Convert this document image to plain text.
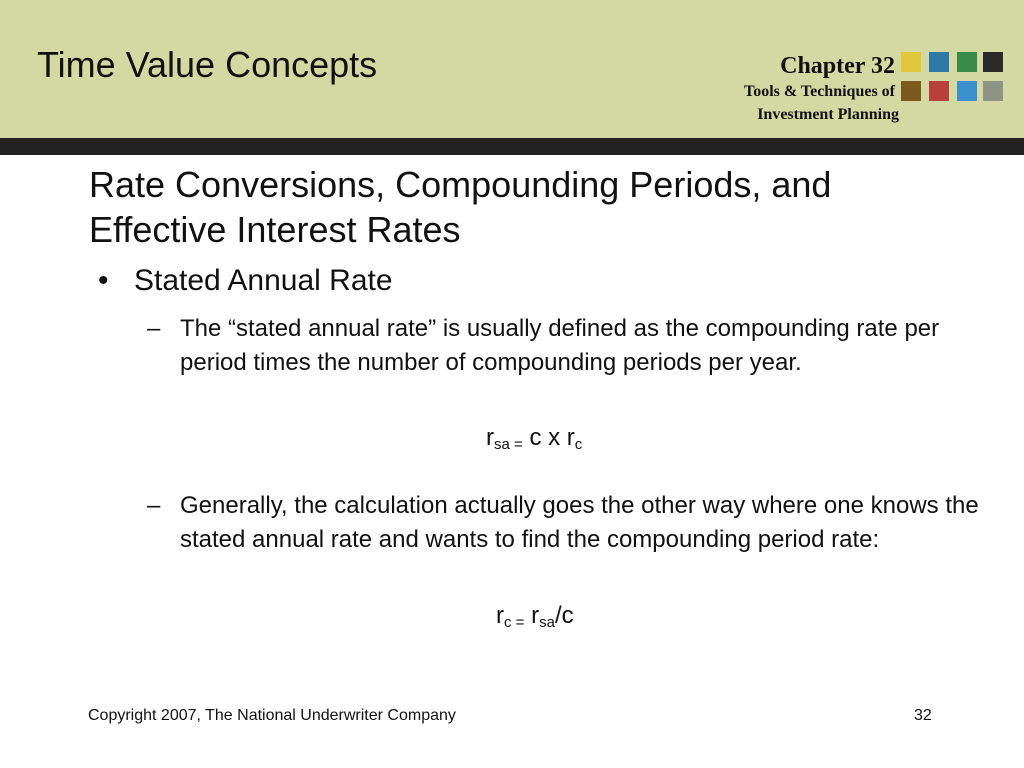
Time Value Concepts	Chapter 32
Tools & Techniques of
Investment Planning
Rate Conversions, Compounding Periods, and Effective Interest Rates
• Stated Annual Rate
– The “stated annual rate” is usually defined as the compounding rate per period times the number of compounding periods per year.
$r_{sa =}$ c x $r_c$
– Generally, the calculation actually goes the other way where one knows the stated annual rate and wants to find the compounding period rate:
$r_{c =}$ $r_{sa}/c$
Copyright 2007, The National Underwriter Company	32
